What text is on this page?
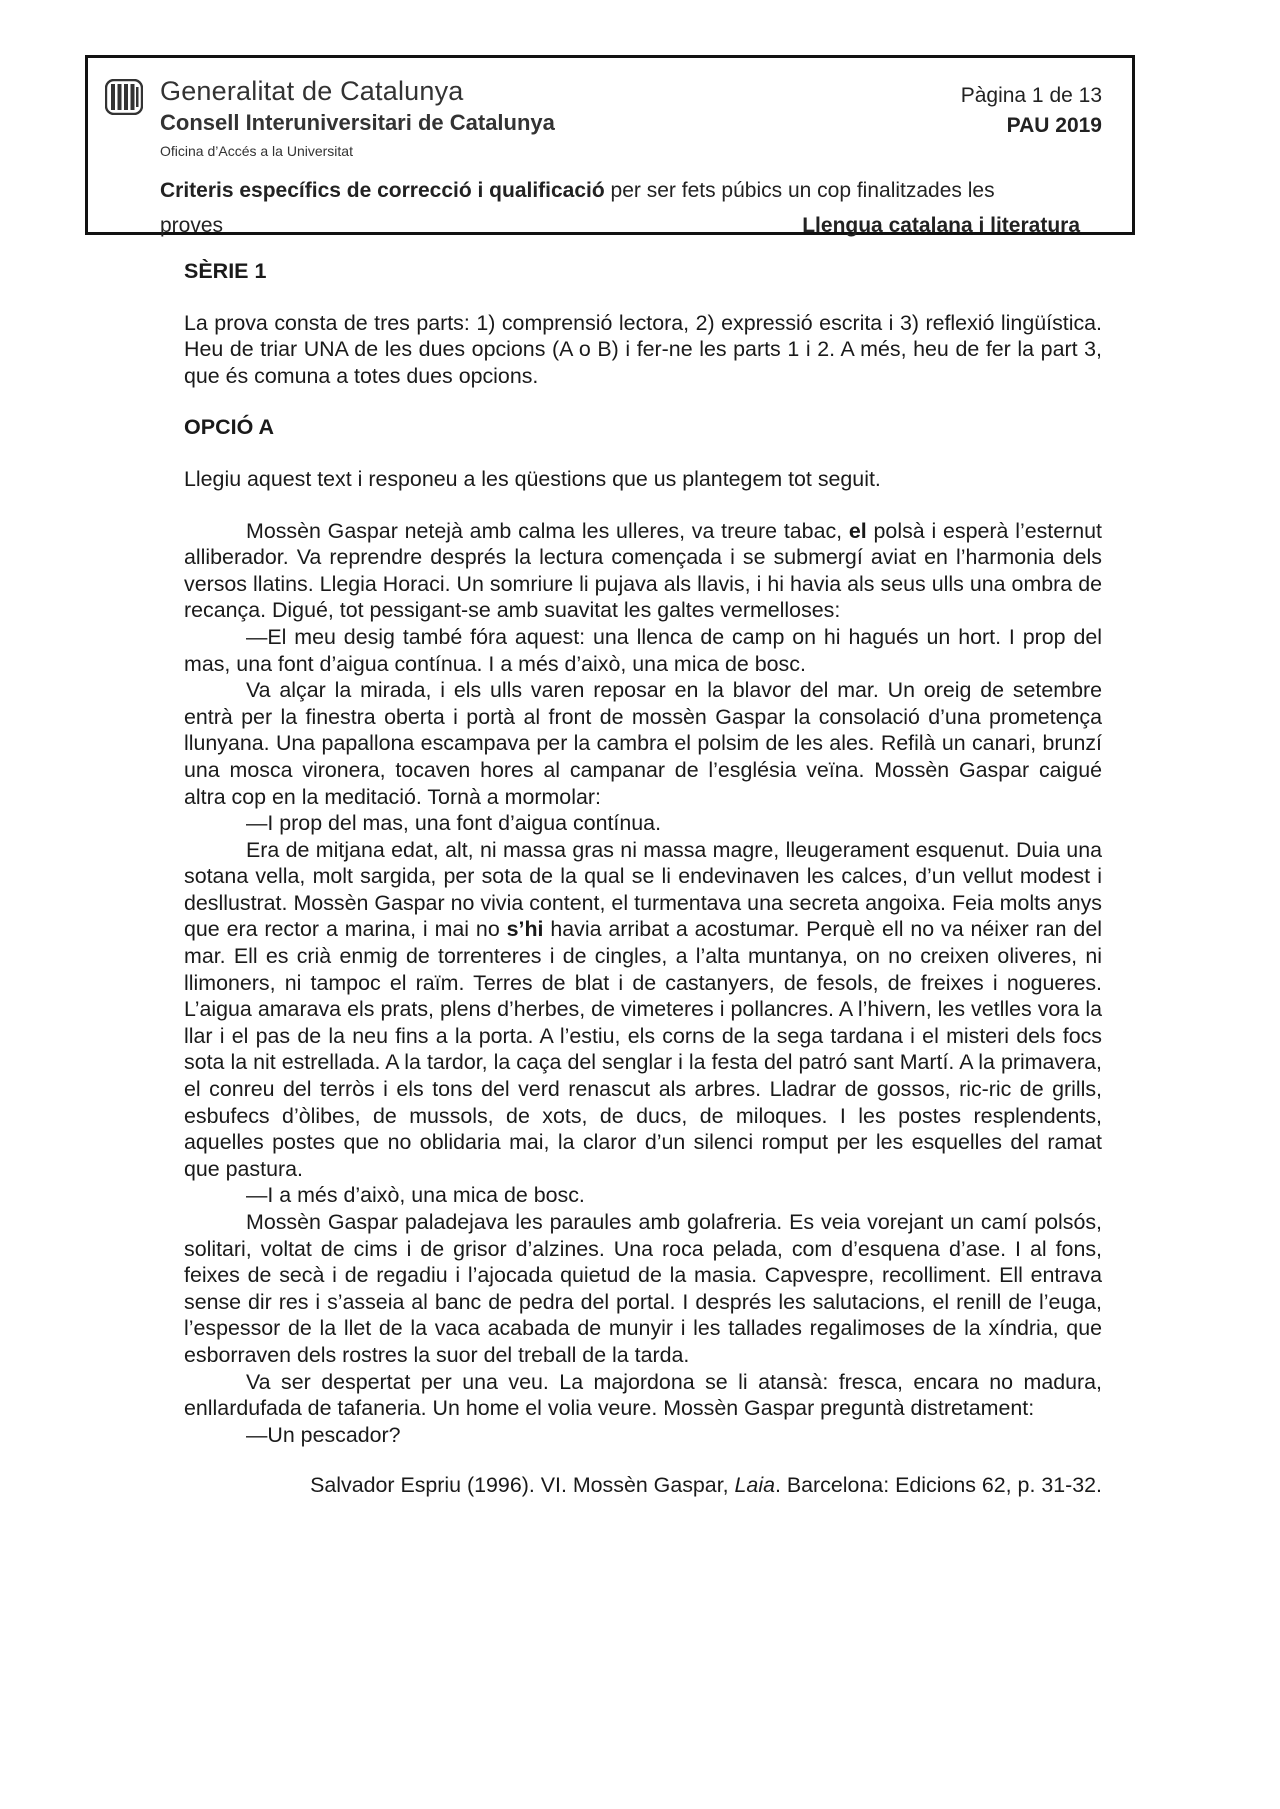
Generalitat de Catalunya
Consell Interuniversitari de Catalunya
Oficina d’Accés a la Universitat
Pàgina 1 de 13
PAU 2019
Criteris específics de correcció i qualificació per ser fets púbics un cop finalitzades les
proves	Llengua catalana i literatura
SÈRIE 1

La prova consta de tres parts: 1) comprensió lectora, 2) expressió escrita i 3) reflexió lingüística. Heu de triar UNA de les dues opcions (A o B) i fer-ne les parts 1 i 2. A més, heu de fer la part 3, que és comuna a totes dues opcions.

OPCIÓ A

Llegiu aquest text i responeu a les qüestions que us plantegem tot seguit.

Mossèn Gaspar netejà amb calma les ulleres, va treure tabac, el polsà i esperà l’esternut alliberador. Va reprendre després la lectura començada i se submergí aviat en l’harmonia dels versos llatins. Llegia Horaci. Un somriure li pujava als llavis, i hi havia als seus ulls una ombra de recança. Digué, tot pessigant-se amb suavitat les galtes vermelloses:

—El meu desig també fóra aquest: una llenca de camp on hi hagués un hort. I prop del mas, una font d’aigua contínua. I a més d’això, una mica de bosc.

Va alçar la mirada, i els ulls varen reposar en la blavor del mar. Un oreig de setembre entrà per la finestra oberta i portà al front de mossèn Gaspar la consolació d’una prometença llunyana. Una papallona escampava per la cambra el polsim de les ales. Refilà un canari, brunzí una mosca vironera, tocaven hores al campanar de l’església veïna. Mossèn Gaspar caigué altra cop en la meditació. Tornà a mormolar:

—I prop del mas, una font d’aigua contínua.

Era de mitjana edat, alt, ni massa gras ni massa magre, lleugerament esquenut. Duia una sotana vella, molt sargida, per sota de la qual se li endevinaven les calces, d’un vellut modest i desllustrat. Mossèn Gaspar no vivia content, el turmentava una secreta angoixa. Feia molts anys que era rector a marina, i mai no s’hi havia arribat a acostumar. Perquè ell no va néixer ran del mar. Ell es crià enmig de torrenteres i de cingles, a l’alta muntanya, on no creixen oliveres, ni llimoners, ni tampoc el raïm. Terres de blat i de castanyers, de fesols, de freixes i nogueres. L’aigua amarava els prats, plens d’herbes, de vimeteres i pollancres. A l’hivern, les vetlles vora la llar i el pas de la neu fins a la porta. A l’estiu, els corns de la sega tardana i el misteri dels focs sota la nit estrellada. A la tardor, la caça del senglar i la festa del patró sant Martí. A la primavera, el conreu del terròs i els tons del verd renascut als arbres. Lladrar de gossos, ric-ric de grills, esbufecs d’òlibes, de mussols, de xots, de ducs, de miloques. I les postes resplendents, aquelles postes que no oblidaria mai, la claror d’un silenci romput per les esquelles del ramat que pastura.

—I a més d’això, una mica de bosc.

Mossèn Gaspar paladejava les paraules amb golafreria. Es veia vorejant un camí polsós, solitari, voltat de cims i de grisor d’alzines. Una roca pelada, com d’esquena d’ase. I al fons, feixes de secà i de regadiu i l’ajocada quietud de la masia. Capvespre, recolliment. Ell entrava sense dir res i s’asseia al banc de pedra del portal. I després les salutacions, el renill de l’euga, l’espessor de la llet de la vaca acabada de munyir i les tallades regalimoses de la xíndria, que esborraven dels rostres la suor del treball de la tarda.

Va ser despertat per una veu. La majordona se li atansà: fresca, encara no madura, enllardufada de tafaneria. Un home el volia veure. Mossèn Gaspar preguntà distretament:

—Un pescador?

Salvador Espriu (1996). VI. Mossèn Gaspar, Laia. Barcelona: Edicions 62, p. 31-32.
